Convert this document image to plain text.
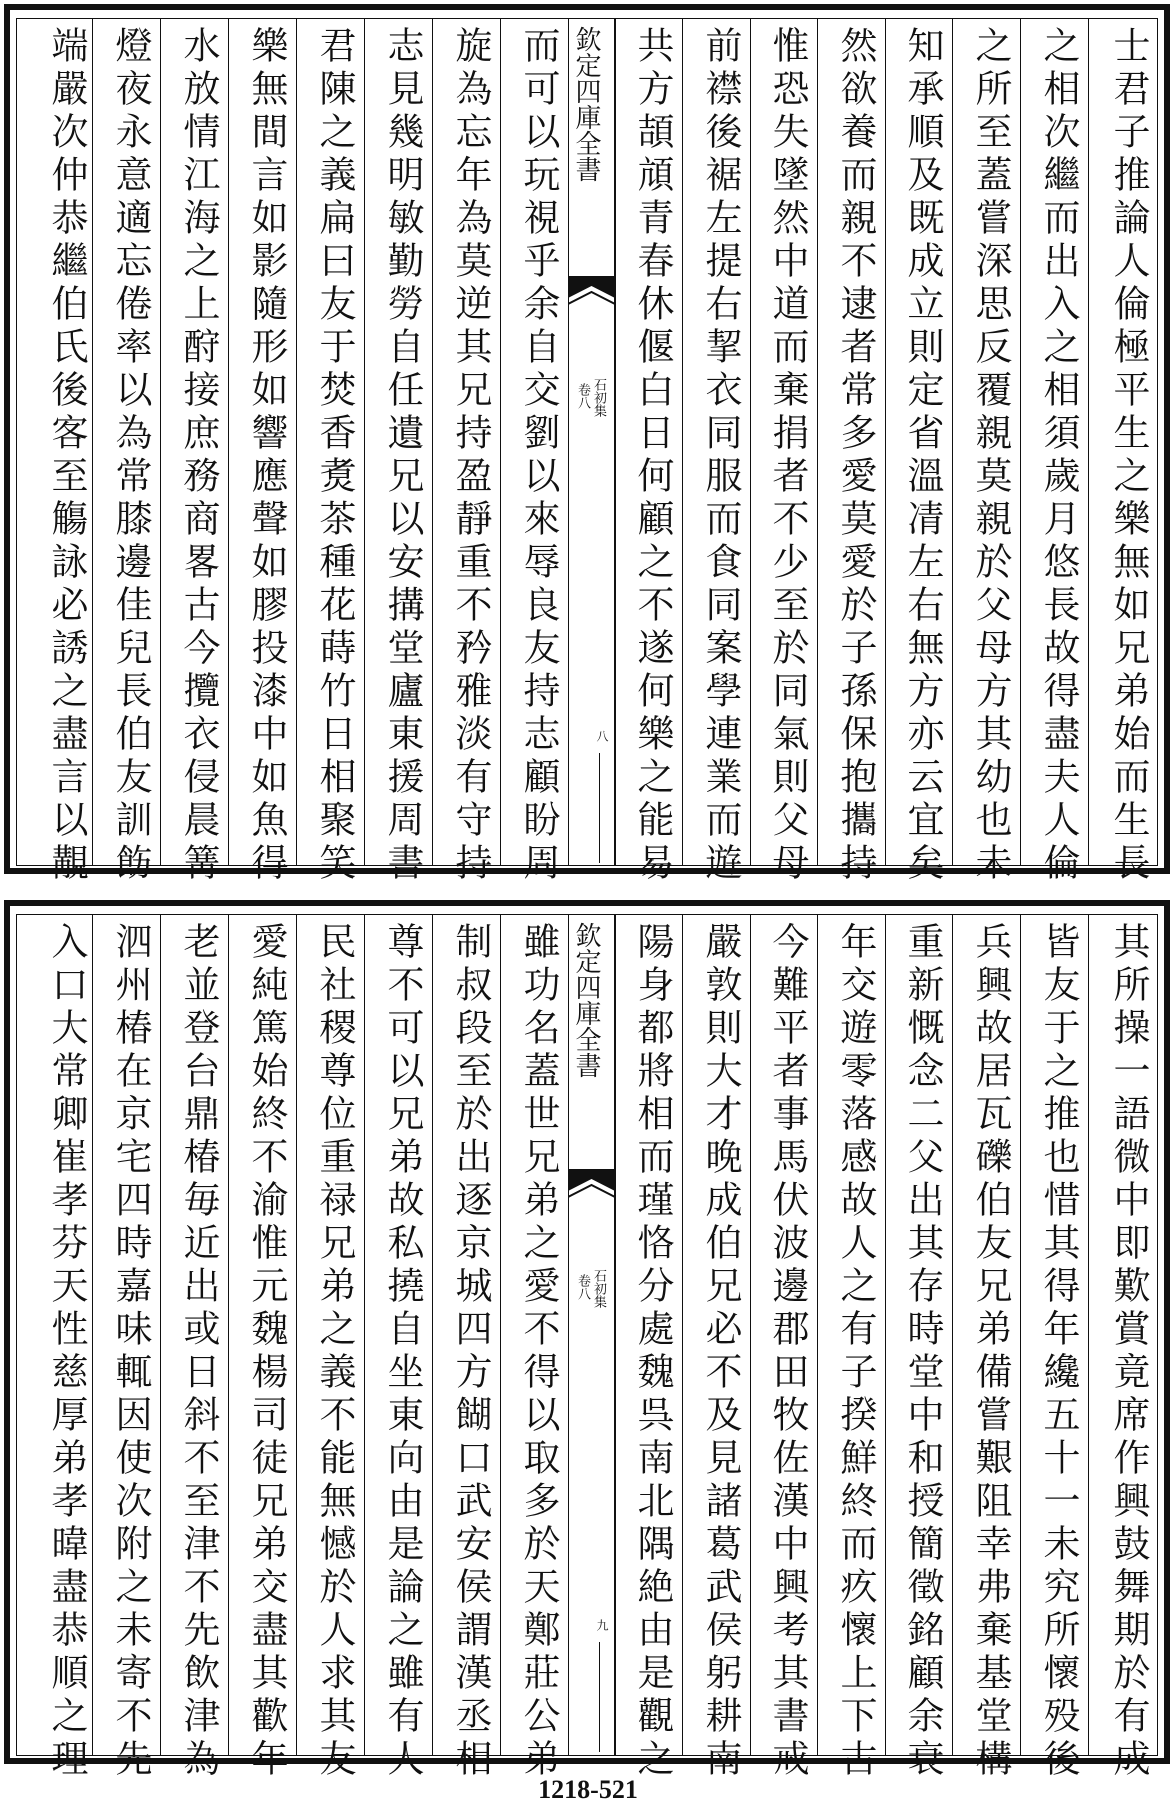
士君子推論人倫極平生之樂無如兄弟始而生長
之相次繼而出入之相須歲月悠長故得盡夫人倫
之所至蓋嘗深思反覆親莫親於父母方其幼也未
知承順及既成立則定省溫凊左右無方亦云宜矣
然欲養而親不逮者常多愛莫愛於子孫保抱攜持
惟恐失墜然中道而棄捐者不少至於同氣則父母
前襟後裾左提右挈衣同服而食同案學連業而遊
共方頡頏青春休偃白日何顧之不遂何樂之能易
欽定四庫全書
石初集
卷八
八
而可以玩視乎余自交劉以來辱良友持志顧盼周
旋為忘年為莫逆其兄持盈靜重不矜雅淡有守持
志見幾明敏勤勞自任遺兄以安搆堂廬東援周書
君陳之義扁曰友于焚香煑茶種花蒔竹日相聚笑
樂無間言如影隨形如響應聲如膠投漆中如魚得
水放情江海之上酧接庶務商畧古今攬衣侵晨篝
燈夜永意適忘倦率以為常膝邊佳兒長伯友訓飭
端嚴次仲恭繼伯氏後客至觴詠必誘之盡言以覯
其所操一語微中即歎賞竟席作興鼓舞期於有成
皆友于之推也惜其得年纔五十一未究所懷殁後
兵興故居瓦礫伯友兄弟備嘗艱阻幸弗棄基堂構
重新慨念二父出其存時堂中和授簡徵銘顧余衰
年交遊零落感故人之有子揆鮮終而疚懷上下古
今難平者事馬伏波邊郡田牧佐漢中興考其書戒
嚴敦則大才晚成伯兄必不及見諸葛武侯躬耕南
陽身都將相而瑾恪分處魏呉南北隅絶由是觀之
欽定四庫全書
石初集
卷八
九
雖功名蓋世兄弟之愛不得以取多於天鄭莊公弟
制叔段至於出逐京城四方餬口武安侯謂漢丞相
尊不可以兄弟故私撓自坐東向由是論之雖有人
民社稷尊位重禄兄弟之義不能無憾於人求其友
愛純篤始終不渝惟元魏楊司徒兄弟交盡其歡年
老並登台鼎椿毎近出或日斜不至津不先飲津為
泗州椿在京宅四時嘉味輒因使次附之未寄不先
入口大常卿崔孝芬天性慈厚弟孝暐盡恭順之理
1218-521
